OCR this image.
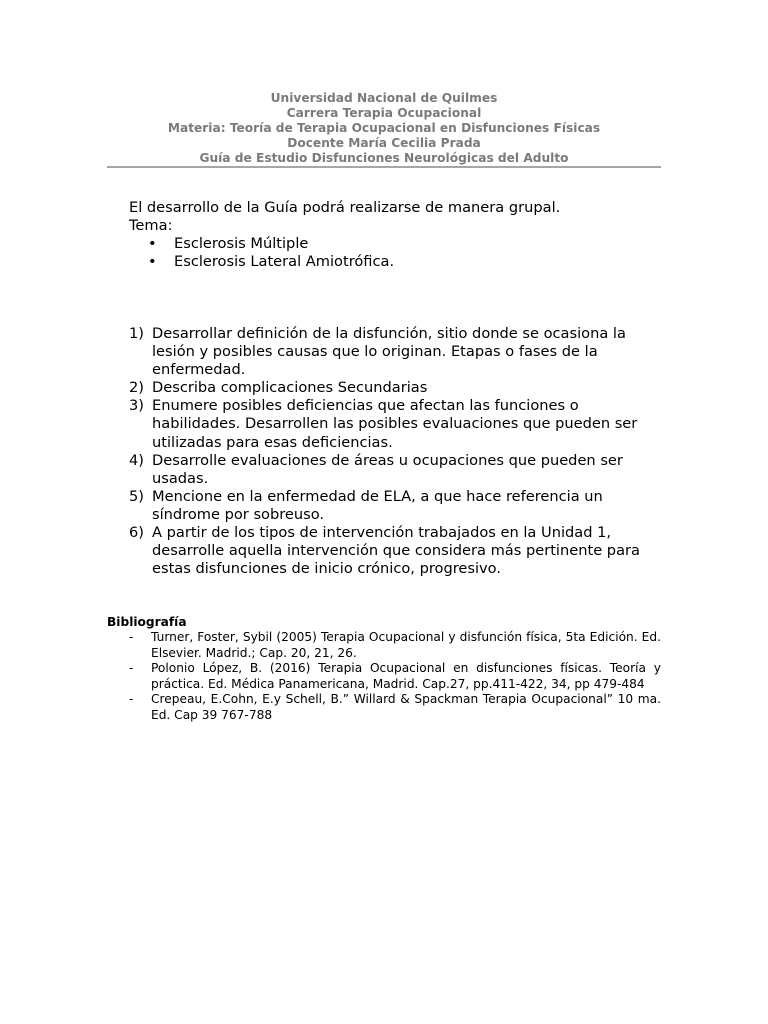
Universidad Nacional de Quilmes
Carrera Terapia Ocupacional
Materia: Teoría de Terapia Ocupacional en Disfunciones Físicas
Docente María Cecilia Prada
Guía de Estudio Disfunciones Neurológicas del Adulto

El desarrollo de la Guía podrá realizarse de manera grupal.

Tema:

• Esclerosis Múltiple
• Esclerosis Lateral Amiotrófica.
1) Desarrollar definición de la disfunción, sitio donde se ocasiona la lesión y posibles causas que lo originan. Etapas o fases de la enfermedad.
2) Describa complicaciones Secundarias
3) Enumere posibles deficiencias que afectan las funciones o habilidades. Desarrollen las posibles evaluaciones que pueden ser utilizadas para esas deficiencias.
4) Desarrolle evaluaciones de áreas u ocupaciones que pueden ser usadas.
5) Mencione en la enfermedad de ELA, a que hace referencia un síndrome por sobreuso.
6) A partir de los tipos de intervención trabajados en la Unidad 1, desarrolle aquella intervención que considera más pertinente para estas disfunciones de inicio crónico, progresivo.
Bibliografía
- Turner, Foster, Sybil (2005) Terapia Ocupacional y disfunción física, 5ta Edición. Ed. Elsevier. Madrid.; Cap. 20, 21, 26.
- Polonio López, B. (2016) Terapia Ocupacional en disfunciones físicas. Teoría y práctica. Ed. Médica Panamericana, Madrid. Cap.27, pp.411-422, 34, pp 479-484
- Crepeau, E.Cohn, E.y Schell, B.” Willard & Spackman Terapia Ocupacional” 10 ma. Ed. Cap 39 767-788
